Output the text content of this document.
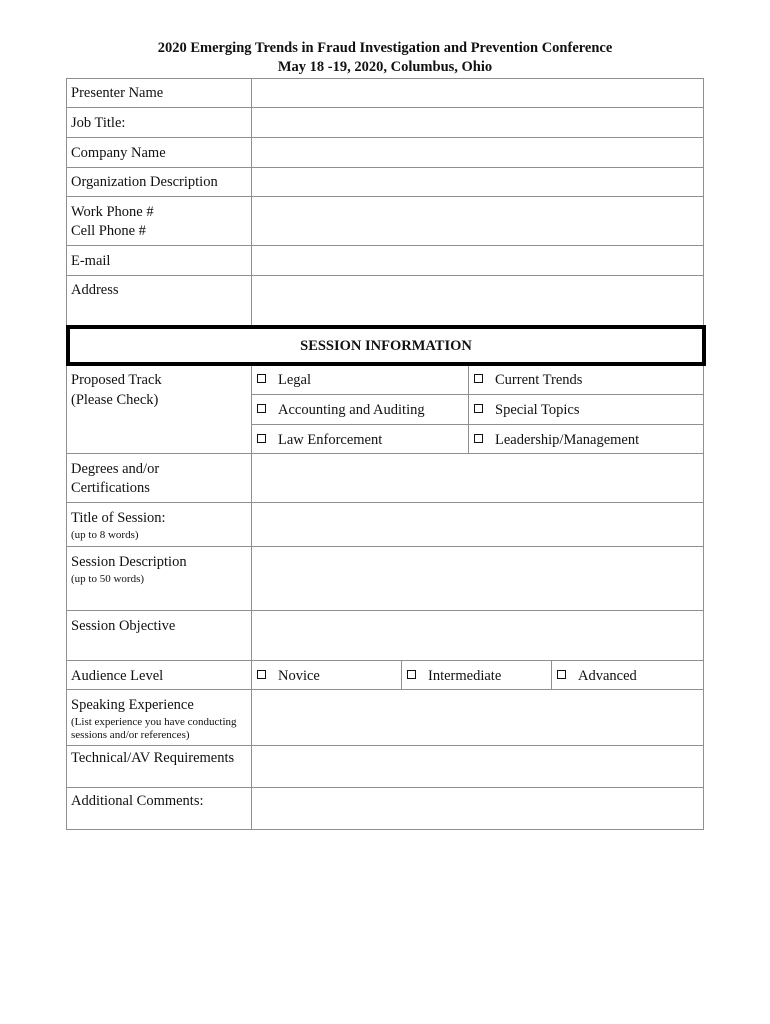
2020 Emerging Trends in Fraud Investigation and Prevention Conference
May 18 -19, 2020, Columbus, Ohio
Presenter Name
Job Title:
Company Name
Organization Description
Work Phone #
Cell Phone #
E-mail
Address
SESSION INFORMATION
Proposed Track
(Please Check)
Legal	Current Trends
Accounting and Auditing	Special Topics
Law Enforcement	Leadership/Management
Degrees and/or
Certifications
Title of Session:
(up to 8 words)
Session Description
(up to 50 words)
Session Objective
Audience Level	Novice	Intermediate	Advanced
Speaking Experience
(List experience you have conducting
sessions and/or references)
Technical/AV Requirements
Additional Comments:
